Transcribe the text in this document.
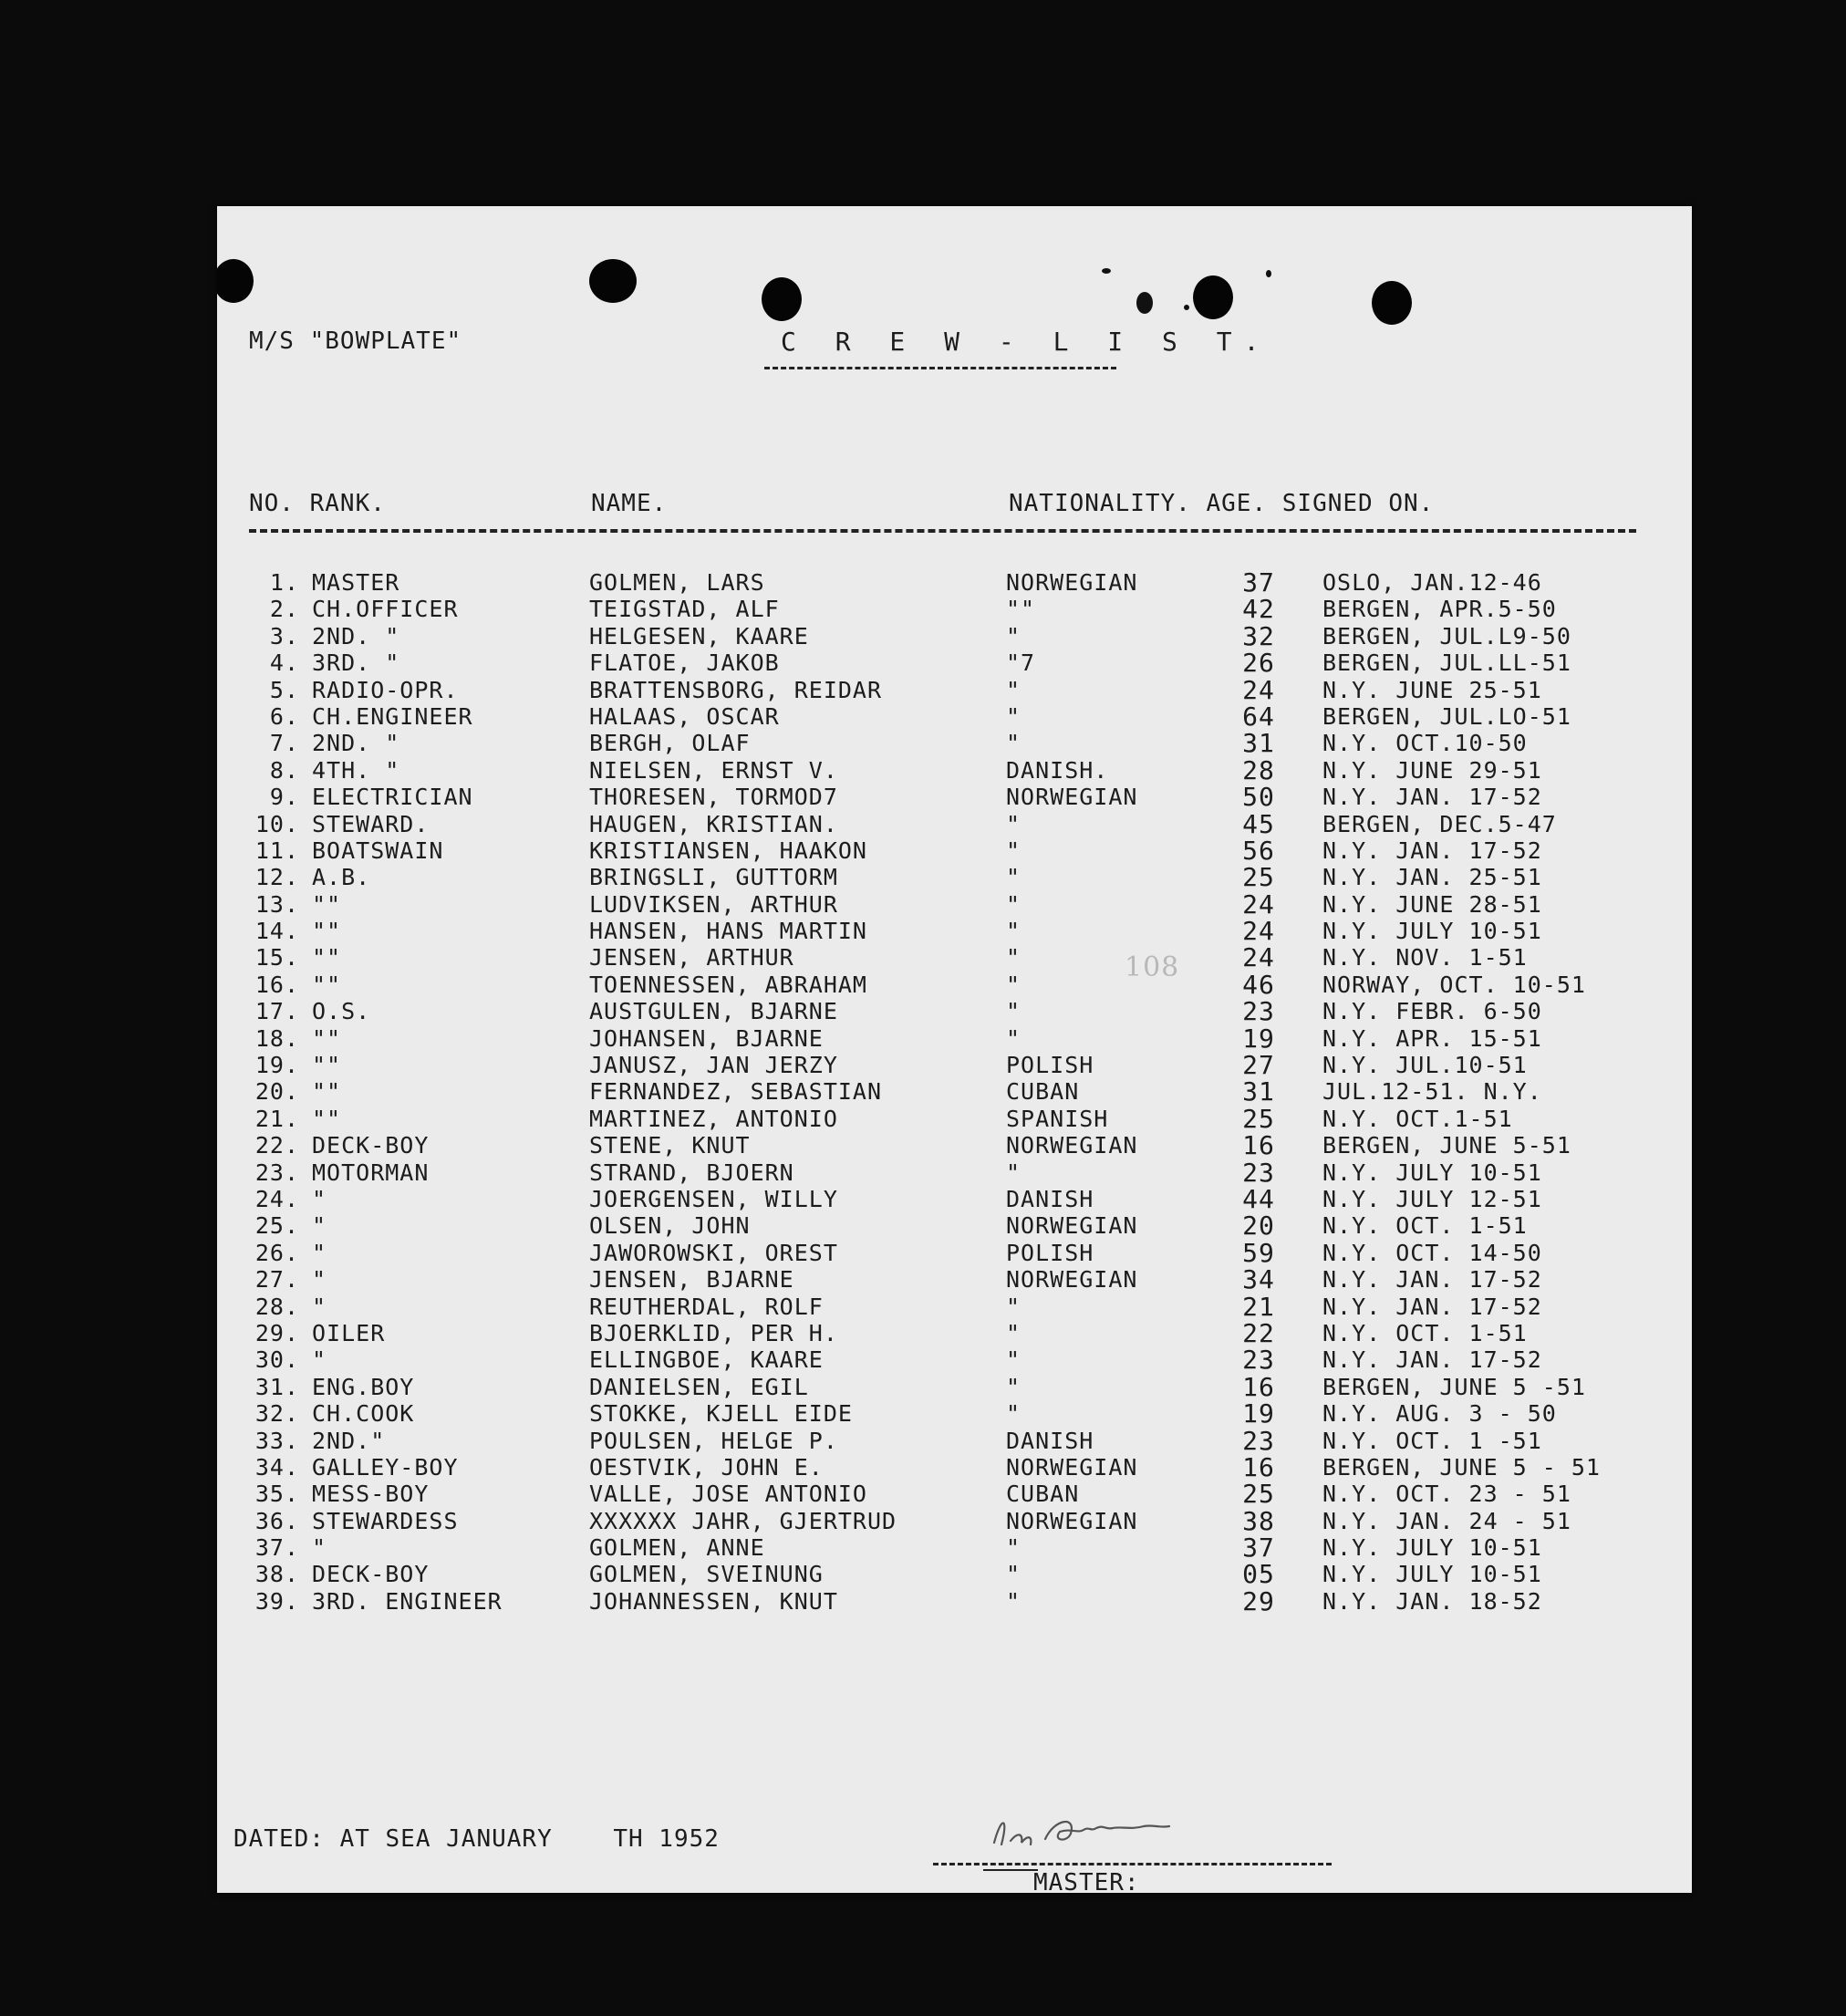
M/S "BOWPLATE"	C R E W - L I S T.
NO. RANK.	NAME.	NATIONALITY. AGE. SIGNED ON.
1. MASTER	GOLMEN, LARS	NORWEGIAN	37	OSLO, JAN.12-46
2. CH.OFFICER	TEIGSTAD, ALF	""	42	BERGEN, APR.5-50
3. 2ND. "	HELGESEN, KAARE	"	32	BERGEN, JUL.L9-50
4. 3RD. "	FLATOE, JAKOB	"7	26	BERGEN, JUL.LL-51
5. RADIO-OPR.	BRATTENSBORG, REIDAR	"	24	N.Y. JUNE 25-51
6. CH.ENGINEER	HALAAS, OSCAR	"	64	BERGEN, JUL.LO-51
7. 2ND. "	BERGH, OLAF	"	31	N.Y. OCT.10-50
8. 4TH. "	NIELSEN, ERNST V.	DANISH.	28	N.Y. JUNE 29-51
9. ELECTRICIAN	THORESEN, TORMOD7	NORWEGIAN	50	N.Y. JAN. 17-52
10. STEWARD.	HAUGEN, KRISTIAN.	"	45	BERGEN, DEC.5-47
11. BOATSWAIN	KRISTIANSEN, HAAKON	"	56	N.Y. JAN. 17-52
12. A.B.	BRINGSLI, GUTTORM	"	25	N.Y. JAN. 25-51
13. ""	LUDVIKSEN, ARTHUR	"	24	N.Y. JUNE 28-51
14. ""	HANSEN, HANS MARTIN	"	24	N.Y. JULY 10-51
15. ""	JENSEN, ARTHUR	"	24	N.Y. NOV. 1-51
16. ""	TOENNESSEN, ABRAHAM	"	46	NORWAY, OCT. 10-51
17. O.S.	AUSTGULEN, BJARNE	"	23	N.Y. FEBR. 6-50
18. ""	JOHANSEN, BJARNE	"	19	N.Y. APR. 15-51
19. ""	JANUSZ, JAN JERZY	POLISH	27	N.Y. JUL.10-51
20. ""	FERNANDEZ, SEBASTIAN	CUBAN	31	JUL.12-51. N.Y.
21. ""	MARTINEZ, ANTONIO	SPANISH	25	N.Y. OCT.1-51
22. DECK-BOY	STENE, KNUT	NORWEGIAN	16	BERGEN, JUNE 5-51
23. MOTORMAN	STRAND, BJOERN	"	23	N.Y. JULY 10-51
24. "	JOERGENSEN, WILLY	DANISH	44	N.Y. JULY 12-51
25. "	OLSEN, JOHN	NORWEGIAN	20	N.Y. OCT. 1-51
26. "	JAWOROWSKI, OREST	POLISH	59	N.Y. OCT. 14-50
27. "	JENSEN, BJARNE	NORWEGIAN	34	N.Y. JAN. 17-52
28. "	REUTHERDAL, ROLF	"	21	N.Y. JAN. 17-52
29. OILER	BJOERKLID, PER H.	"	22	N.Y. OCT. 1-51
30. "	ELLINGBOE, KAARE	"	23	N.Y. JAN. 17-52
31. ENG.BOY	DANIELSEN, EGIL	"	16	BERGEN, JUNE 5 -51
32. CH.COOK	STOKKE, KJELL EIDE	"	19	N.Y. AUG. 3 - 50
33. 2ND."	POULSEN, HELGE P.	DANISH	23	N.Y. OCT. 1 -51
34. GALLEY-BOY	OESTVIK, JOHN E.	NORWEGIAN	16	BERGEN, JUNE 5 - 51
35. MESS-BOY	VALLE, JOSE ANTONIO	CUBAN	25	N.Y. OCT. 23 - 51
36. STEWARDESS	XXXXXX JAHR, GJERTRUD	NORWEGIAN	38	N.Y. JAN. 24 - 51
37. "	GOLMEN, ANNE	"	37	N.Y. JULY 10-51
38. DECK-BOY	GOLMEN, SVEINUNG	"	05	N.Y. JULY 10-51
39. 3RD. ENGINEER	JOHANNESSEN, KNUT	"	29	N.Y. JAN. 18-52
108
DATED: AT SEA JANUARY    TH 1952
MASTER:
